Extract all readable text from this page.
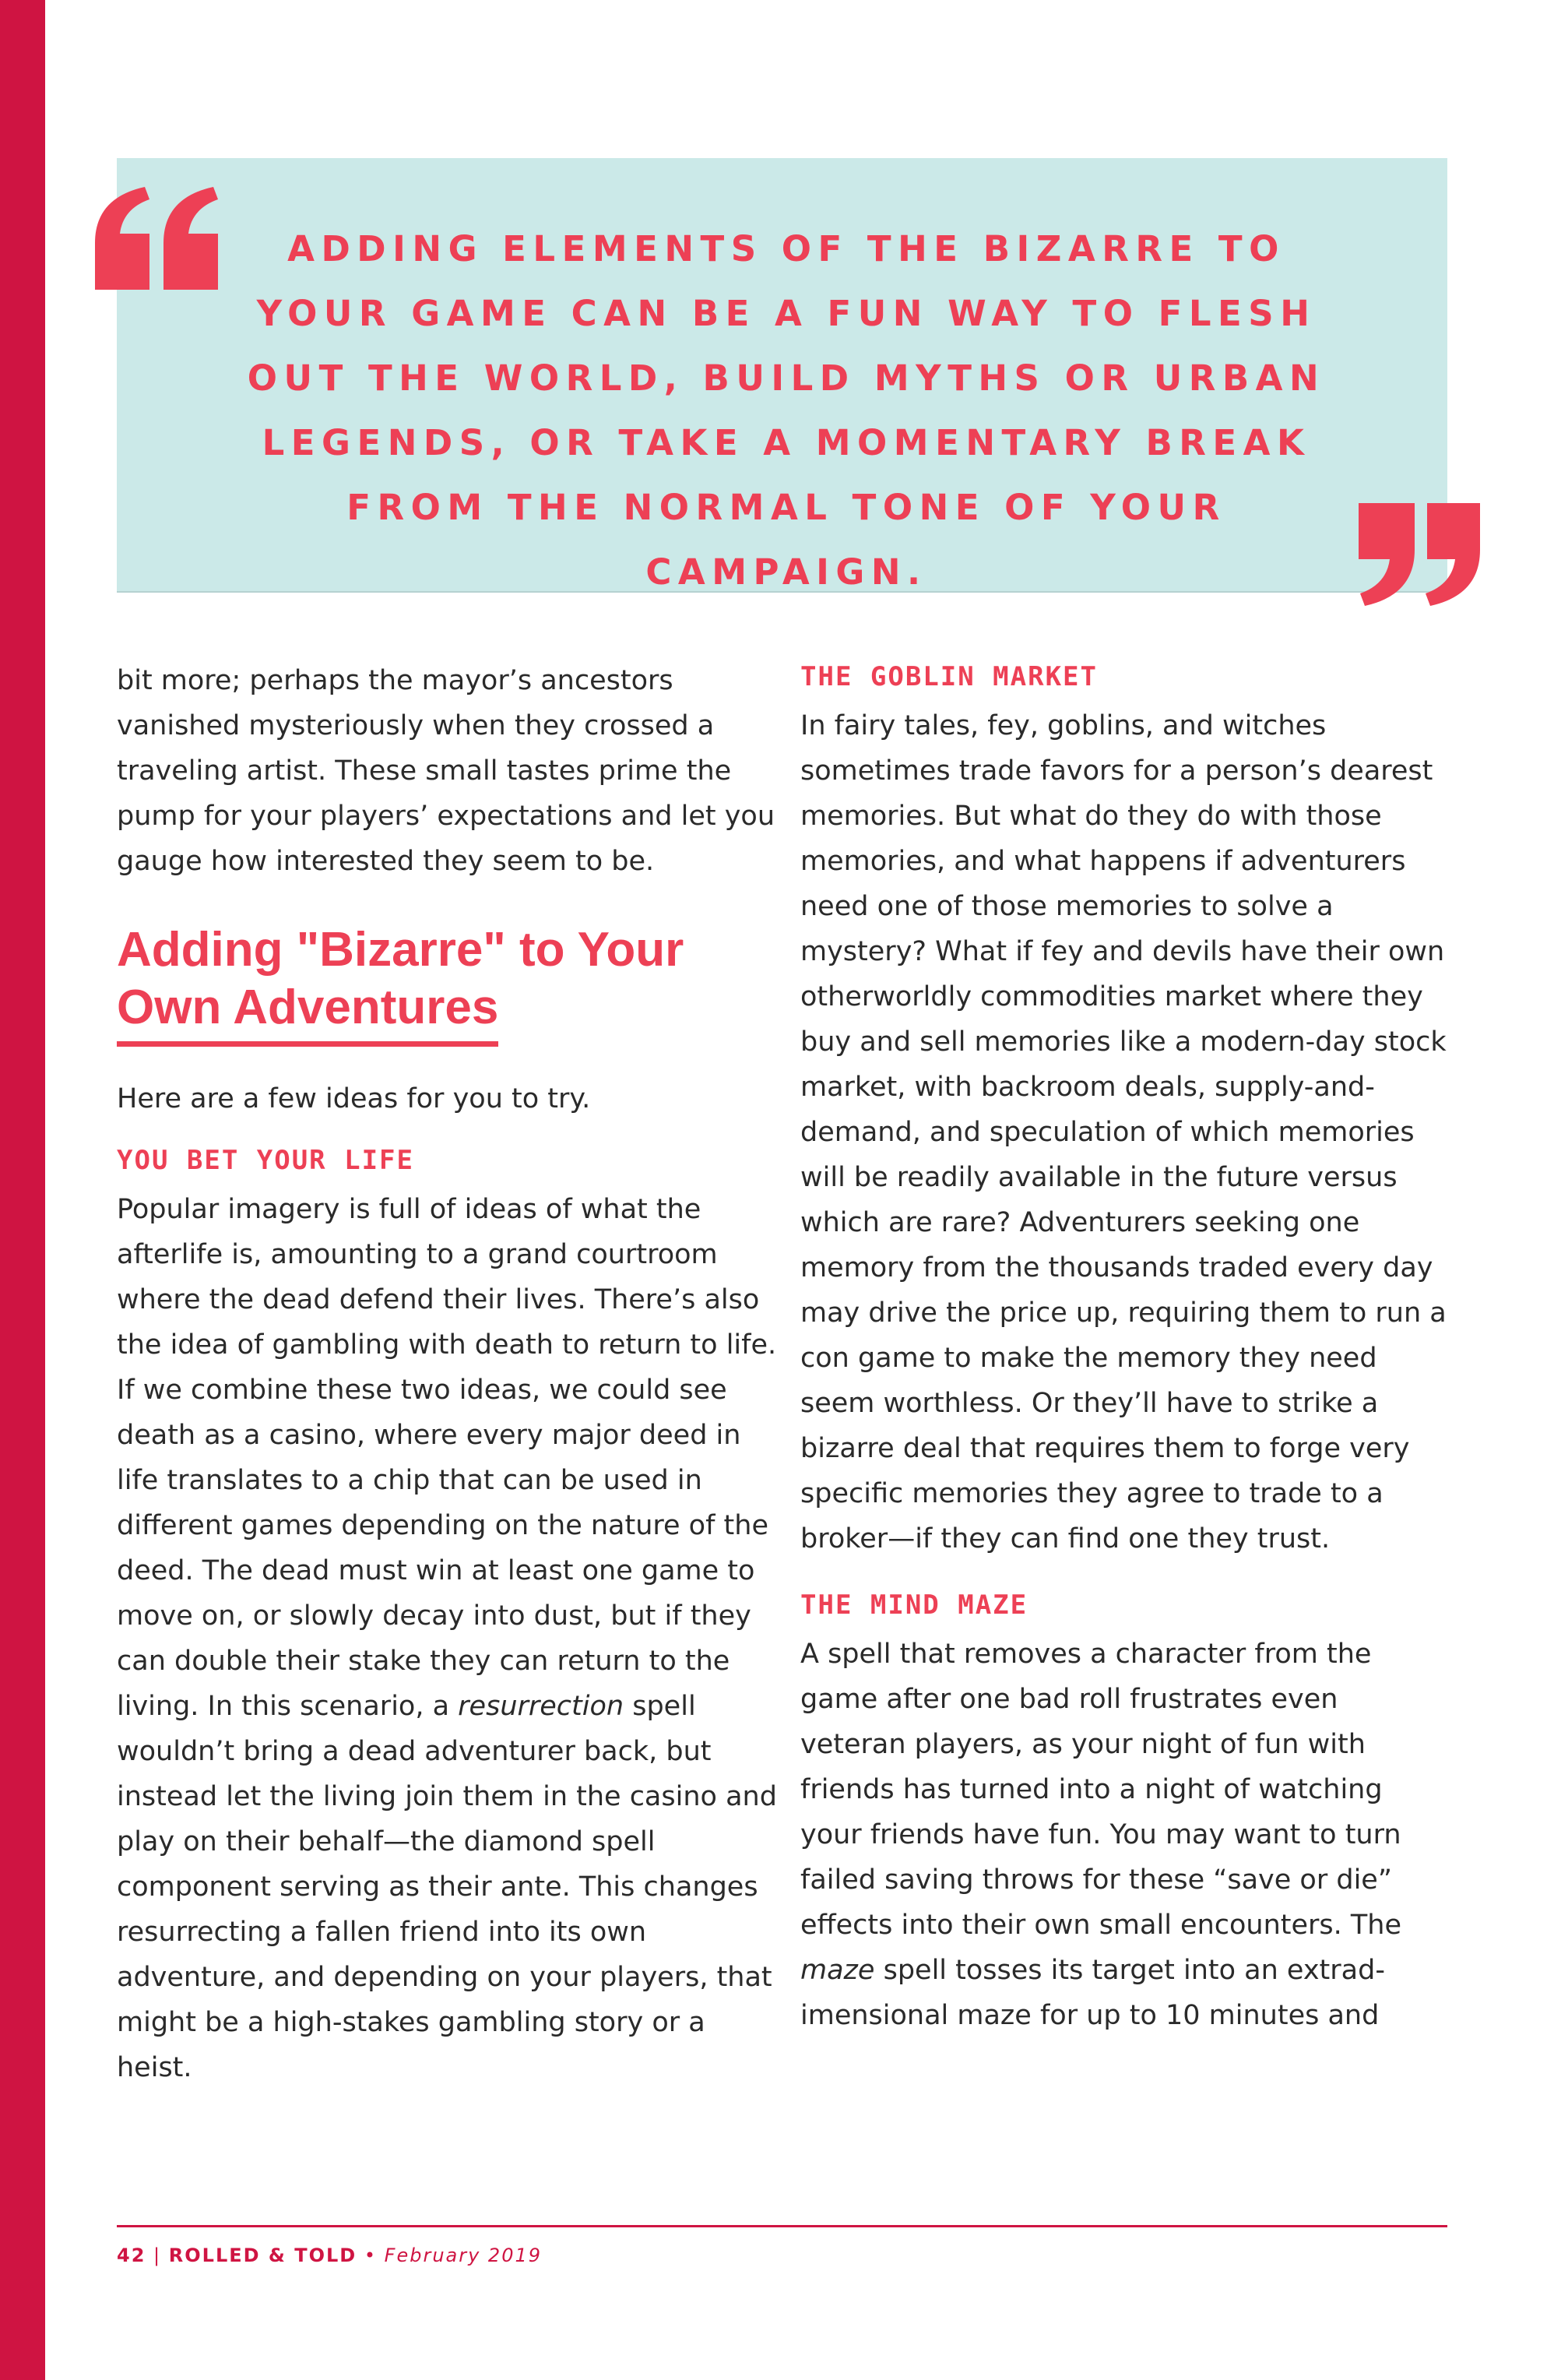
ADDING ELEMENTS OF THE BIZARRE TO YOUR GAME CAN BE A FUN WAY TO FLESH OUT THE WORLD, BUILD MYTHS OR URBAN LEGENDS, OR TAKE A MOMENTARY BREAK FROM THE NORMAL TONE OF YOUR CAMPAIGN.

bit more; perhaps the mayor’s ancestors vanished mysteriously when they crossed a traveling artist. These small tastes prime the pump for your players’ expectations and let you gauge how interested they seem to be.

Adding "Bizarre" to Your
Own Adventures

Here are a few ideas for you to try.

YOU BET YOUR LIFE

Popular imagery is full of ideas of what the afterlife is, amounting to a grand courtroom where the dead defend their lives. There’s also the idea of gambling with death to return to life. If we combine these two ideas, we could see death as a casino, where every major deed in life translates to a chip that can be used in different games depending on the nature of the deed. The dead must win at least one game to move on, or slowly decay into dust, but if they can double their stake they can return to the living. In this scenario, a resurrection spell wouldn’t bring a dead adventurer back, but instead let the living join them in the casino and play on their behalf—the diamond spell component serving as their ante. This changes resurrecting a fallen friend into its own adventure, and depending on your players, that might be a high-stakes gambling story or a heist.

THE GOBLIN MARKET

In fairy tales, fey, goblins, and witches sometimes trade favors for a person’s dearest memories. But what do they do with those memories, and what happens if adventurers need one of those memories to solve a mystery? What if fey and devils have their own otherworldly commodities market where they buy and sell memories like a modern-day stock market, with backroom deals, supply-and-demand, and speculation of which memories will be readily available in the future versus which are rare? Adventurers seeking one memory from the thousands traded every day may drive the price up, requiring them to run a con game to make the memory they need seem worthless. Or they’ll have to strike a bizarre deal that requires them to forge very specific memories they agree to trade to a broker—if they can find one they trust.

THE MIND MAZE

A spell that removes a character from the game after one bad roll frustrates even veteran players, as your night of fun with friends has turned into a night of watching your friends have fun. You may want to turn failed saving throws for these “save or die” effects into their own small encounters. The maze spell tosses its target into an extradimensional maze for up to 10 minutes and

42 | ROLLED & TOLD • February 2019
